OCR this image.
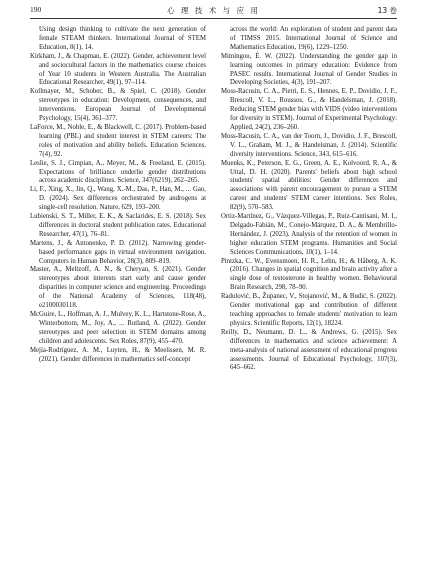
190	心 理 技 术 与 应 用	13 卷

Using design thinking to cultivate the next generation of female STEAM thinkers. International Journal of STEM Education, 8(1), 14.

Kirkham, J., & Chapman, E. (2022). Gender, achievement level and sociocultural factors in the mathematics course choices of Year 10 students in Western Australia. The Australian Educational Researcher, 49(1), 97–114.

Kollmayer, M., Schober, B., & Spiel, C. (2018). Gender stereotypes in education: Development, consequences, and interventions. European Journal of Developmental Psychology, 15(4), 361–377.

LaForce, M., Noble, E., & Blackwell, C. (2017). Problem-based learning (PBL) and student interest in STEM careers: The roles of motivation and ability beliefs. Education Sciences, 7(4), 92.

Leslie, S. J., Cimpian, A., Meyer, M., & Freeland, E. (2015). Expectations of brilliance underlie gender distributions across academic disciplines. Science, 347(6219), 262–265.

Li, F., Xing, X., Jin, Q., Wang, X.-M., Das, P., Han, M., ... Gao, D. (2024). Sex differences orchestrated by androgens at single-cell resolution. Nature, 629, 193–200.

Lubienski, S. T., Miller, E. K., & Saclarides, E. S. (2018). Sex differences in doctoral student publication rates. Educational Researcher, 47(1), 76–81.

Martens, J., & Antonenko, P. D. (2012). Narrowing gender-based performance gaps in virtual environment navigation. Computers in Human Behavior, 28(3), 809–819.

Master, A., Meltzoff, A. N., & Cheryan, S. (2021). Gender stereotypes about interests start early and cause gender disparities in computer science and engineering. Proceedings of the National Academy of Sciences, 118(48), e2100030118.

McGuire, L., Hoffman, A. J., Mulvey, K. L., Hartstone-Rose, A., Winterbottom, M., Joy, A., ... Rutland, A. (2022). Gender stereotypes and peer selection in STEM domains among children and adolescents. Sex Roles, 87(9), 455–470.

Mejía-Rodríguez, A. M., Luyten, H., & Meelissen, M. R. (2021). Gender differences in mathematics self-concept

across the world: An exploration of student and parent data of TIMSS 2015. International Journal of Science and Mathematics Education, 19(6), 1229–1250.

Mimingou, É. W. (2022). Understanding the gender gap in learning outcomes in primary education: Evidence from PASEC results. International Journal of Gender Studies in Developing Societies, 4(3), 191–207.

Moss-Racusin, C. A., Pietri, E. S., Hennes, E. P., Dovidio, J. F., Brescoll, V. L., Roussos, G., & Handelsman, J. (2018). Reducing STEM gender bias with VIDS (video interventions for diversity in STEM). Journal of Experimental Psychology: Applied, 24(2), 236–260.

Moss-Racusin, C. A., van der Toorn, J., Dovidio, J. F., Brescoll, V. L., Graham, M. J., & Handelsman, J. (2014). Scientific diversity interventions. Science, 343, 615–616.

Muenks, K., Peterson, E. G., Green, A. E., Kolvoord, R. A., & Uttal, D. H. (2020). Parents' beliefs about high school students' spatial abilities: Gender differences and associations with parent encouragement to pursue a STEM career and students' STEM career intentions. Sex Roles, 82(9), 570–583.

Ortiz-Martínez, G., Vázquez-Villegas, P., Ruiz-Cantisani, M. I., Delgado-Fabián, M., Conejo-Márquez, D. A., & Membrillo-Hernández, J. (2023). Analysis of the retention of women in higher education STEM programs. Humanities and Social Sciences Communications, 10(1), 1–14.

Pintzka, C. W., Evensmoen, H. R., Lehn, H., & Håberg, A. K. (2016). Changes in spatial cognition and brain activity after a single dose of testosterone in healthy women. Behavioural Brain Research, 298, 78–90.

Radulović, B., Županec, V., Stojanović, M., & Budić, S. (2022). Gender motivational gap and contribution of different teaching approaches to female students' motivation to learn physics. Scientific Reports, 12(1), 18224.

Reilly, D., Neumann, D. L., & Andrews, G. (2015). Sex differences in mathematics and science achievement: A meta-analysis of national assessment of educational progress assessments. Journal of Educational Psychology, 107(3), 645–662.
